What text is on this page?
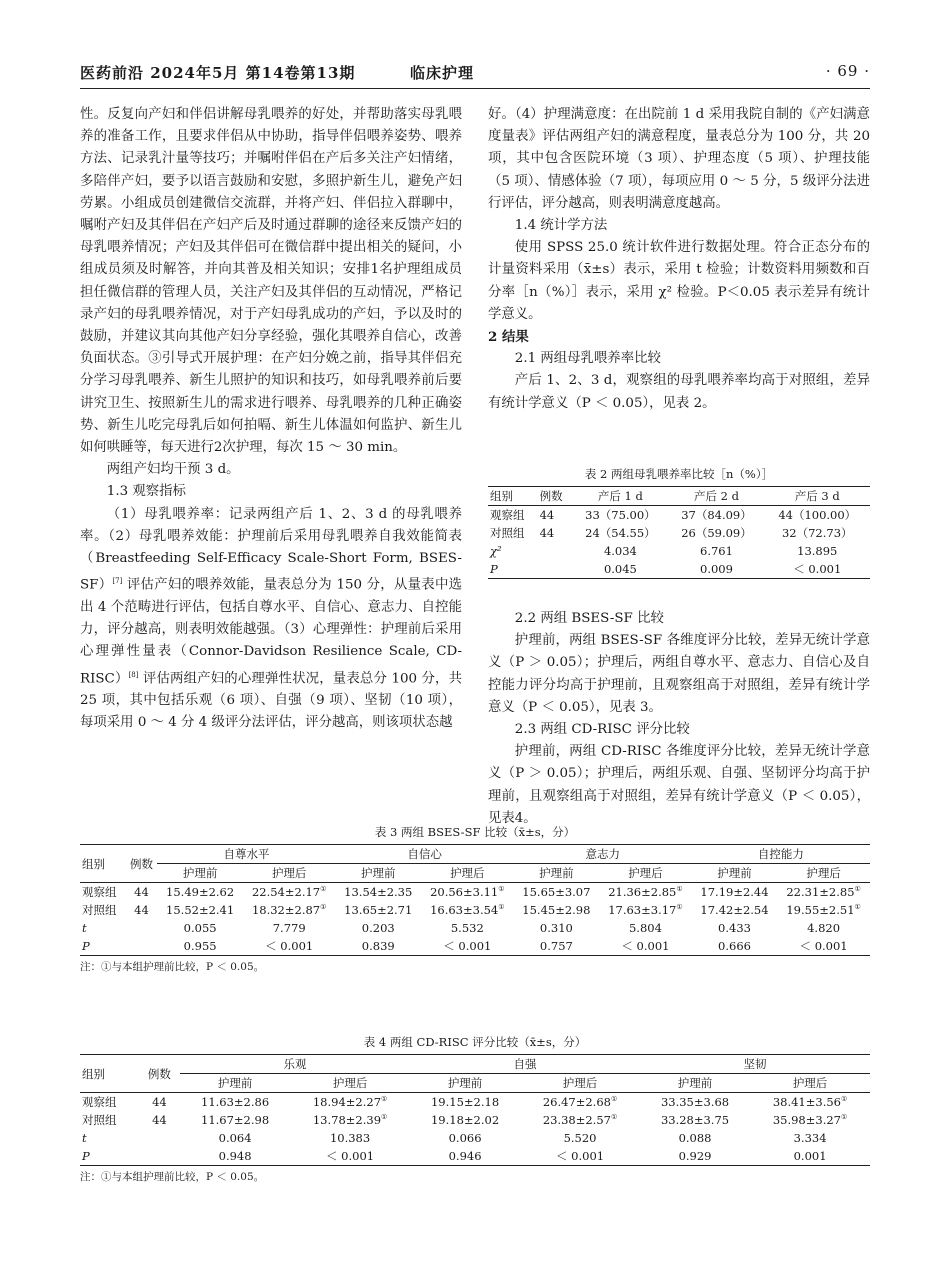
医药前沿 2024年5月 第14卷第13期	临床护理	· 69 ·

性。反复向产妇和伴侣讲解母乳喂养的好处，并帮助落实母乳喂养的准备工作，且要求伴侣从中协助，指导伴侣喂养姿势、喂养方法、记录乳汁量等技巧；并嘱咐伴侣在产后多关注产妇情绪，多陪伴产妇，要予以语言鼓励和安慰，多照护新生儿，避免产妇劳累。小组成员创建微信交流群，并将产妇、伴侣拉入群聊中，嘱咐产妇及其伴侣在产妇产后及时通过群聊的途径来反馈产妇的母乳喂养情况；产妇及其伴侣可在微信群中提出相关的疑问，小组成员须及时解答，并向其普及相关知识；安排1名护理组成员担任微信群的管理人员，关注产妇及其伴侣的互动情况，严格记录产妇的母乳喂养情况，对于产妇母乳成功的产妇，予以及时的鼓励，并建议其向其他产妇分享经验，强化其喂养自信心，改善负面状态。③引导式开展护理：在产妇分娩之前，指导其伴侣充分学习母乳喂养、新生儿照护的知识和技巧，如母乳喂养前后要讲究卫生、按照新生儿的需求进行喂养、母乳喂养的几种正确姿势、新生儿吃完母乳后如何拍嗝、新生儿体温如何监护、新生儿如何哄睡等，每天进行2次护理，每次 15 ～ 30 min。

两组产妇均干预 3 d。

1.3 观察指标

（1）母乳喂养率：记录两组产后 1、2、3 d 的母乳喂养率。（2）母乳喂养效能：护理前后采用母乳喂养自我效能简表（Breastfeeding Self-Efficacy Scale-Short Form, BSES-SF）[7] 评估产妇的喂养效能，量表总分为 150 分，从量表中选出 4 个范畴进行评估，包括自尊水平、自信心、意志力、自控能力，评分越高，则表明效能越强。（3）心理弹性：护理前后采用心理弹性量表（Connor-Davidson Resilience Scale, CD-RISC）[8] 评估两组产妇的心理弹性状况，量表总分 100 分，共 25 项，其中包括乐观（6 项）、自强（9 项）、坚韧（10 项），每项采用 0 ～ 4 分 4 级评分法评估，评分越高，则该项状态越

好。（4）护理满意度：在出院前 1 d 采用我院自制的《产妇满意度量表》评估两组产妇的满意程度，量表总分为 100 分，共 20 项，其中包含医院环境（3 项）、护理态度（5 项）、护理技能（5 项）、情感体验（7 项），每项应用 0 ～ 5 分，5 级评分法进行评估，评分越高，则表明满意度越高。

1.4 统计学方法

使用 SPSS 25.0 统计软件进行数据处理。符合正态分布的计量资料采用（x̄±s）表示，采用 t 检验；计数资料用频数和百分率［n（%）］表示，采用 χ² 检验。P＜0.05 表示差异有统计学意义。

2 结果

2.1 两组母乳喂养率比较

产后 1、2、3 d，观察组的母乳喂养率均高于对照组，差异有统计学意义（P ＜ 0.05），见表 2。

表 2 两组母乳喂养率比较［n（%）］

组别	例数	产后 1 d	产后 2 d	产后 3 d
观察组	44	33（75.00）	37（84.09）	44（100.00）
对照组	44	24（54.55）	26（59.09）	32（72.73）
χ²		4.034	6.761	13.895
P		0.045	0.009	＜ 0.001

2.2 两组 BSES-SF 比较

护理前，两组 BSES-SF 各维度评分比较，差异无统计学意义（P ＞ 0.05）；护理后，两组自尊水平、意志力、自信心及自控能力评分均高于护理前，且观察组高于对照组，差异有统计学意义（P ＜ 0.05），见表 3。

2.3 两组 CD-RISC 评分比较

护理前，两组 CD-RISC 各维度评分比较，差异无统计学意义（P ＞ 0.05）；护理后，两组乐观、自强、坚韧评分均高于护理前，且观察组高于对照组，差异有统计学意义（P ＜ 0.05），见表4。

表 3 两组 BSES-SF 比较（x̄±s，分）

组别	例数	自尊水平		自信心		意志力		自控能力	
		护理前	护理后	护理前	护理后	护理前	护理后	护理前	护理后
观察组	44	15.49±2.62	22.54±2.17①	13.54±2.35	20.56±3.11①	15.65±3.07	21.36±2.85①	17.19±2.44	22.31±2.85①
对照组	44	15.52±2.41	18.32±2.87①	13.65±2.71	16.63±3.54①	15.45±2.98	17.63±3.17①	17.42±2.54	19.55±2.51①
t		0.055	7.779	0.203	5.532	0.310	5.804	0.433	4.820
P		0.955	＜ 0.001	0.839	＜ 0.001	0.757	＜ 0.001	0.666	＜ 0.001

注：①与本组护理前比较，P ＜ 0.05。

表 4 两组 CD-RISC 评分比较（x̄±s，分）

组别	例数	乐观		自强		坚韧	
		护理前	护理后	护理前	护理后	护理前	护理后
观察组	44	11.63±2.86	18.94±2.27①	19.15±2.18	26.47±2.68①	33.35±3.68	38.41±3.56①
对照组	44	11.67±2.98	13.78±2.39①	19.18±2.02	23.38±2.57①	33.28±3.75	35.98±3.27①
t		0.064	10.383	0.066	5.520	0.088	3.334
P		0.948	＜ 0.001	0.946	＜ 0.001	0.929	0.001

注：①与本组护理前比较，P ＜ 0.05。
